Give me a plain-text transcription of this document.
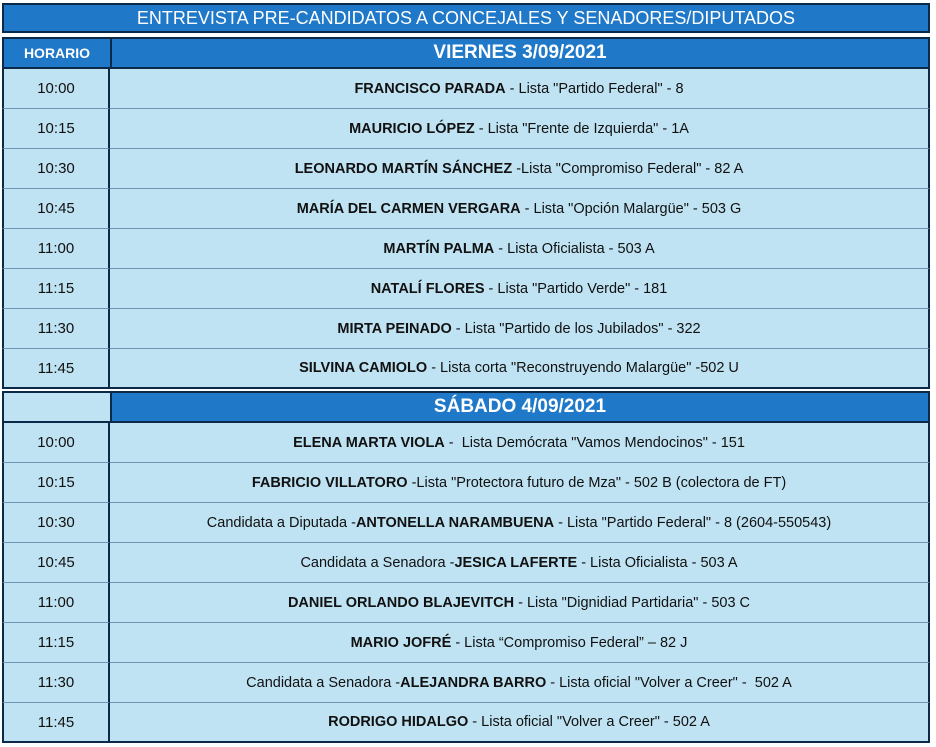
ENTREVISTA PRE-CANDIDATOS A CONCEJALES Y SENADORES/DIPUTADOS
HORARIO	VIERNES 3/09/2021
10:00	FRANCISCO PARADA - Lista "Partido Federal" - 8
10:15	MAURICIO LÓPEZ - Lista "Frente de Izquierda" - 1A
10:30	LEONARDO MARTÍN SÁNCHEZ -Lista "Compromiso Federal" - 82 A
10:45	MARÍA DEL CARMEN VERGARA - Lista "Opción Malargüe" - 503 G
11:00	MARTÍN PALMA - Lista Oficialista - 503 A
11:15	NATALÍ FLORES - Lista "Partido Verde" - 181
11:30	MIRTA PEINADO - Lista "Partido de los Jubilados" - 322
11:45	SILVINA CAMIOLO - Lista corta "Reconstruyendo Malargüe" -502 U
SÁBADO 4/09/2021
10:00	ELENA MARTA VIOLA -  Lista Demócrata "Vamos Mendocinos" - 151
10:15	FABRICIO VILLATORO -Lista "Protectora futuro de Mza" - 502 B (colectora de FT)
10:30	Candidata a Diputada - ANTONELLA NARAMBUENA - Lista "Partido Federal" - 8 (2604-550543)
10:45	Candidata a Senadora - JESICA LAFERTE - Lista Oficialista - 503 A
11:00	DANIEL ORLANDO BLAJEVITCH - Lista "Dignidiad Partidaria" - 503 C
11:15	MARIO JOFRÉ - Lista “Compromiso Federal” – 82 J
11:30	Candidata a Senadora - ALEJANDRA BARRO - Lista oficial "Volver a Creer" -  502 A
11:45	RODRIGO HIDALGO - Lista oficial "Volver a Creer" - 502 A
